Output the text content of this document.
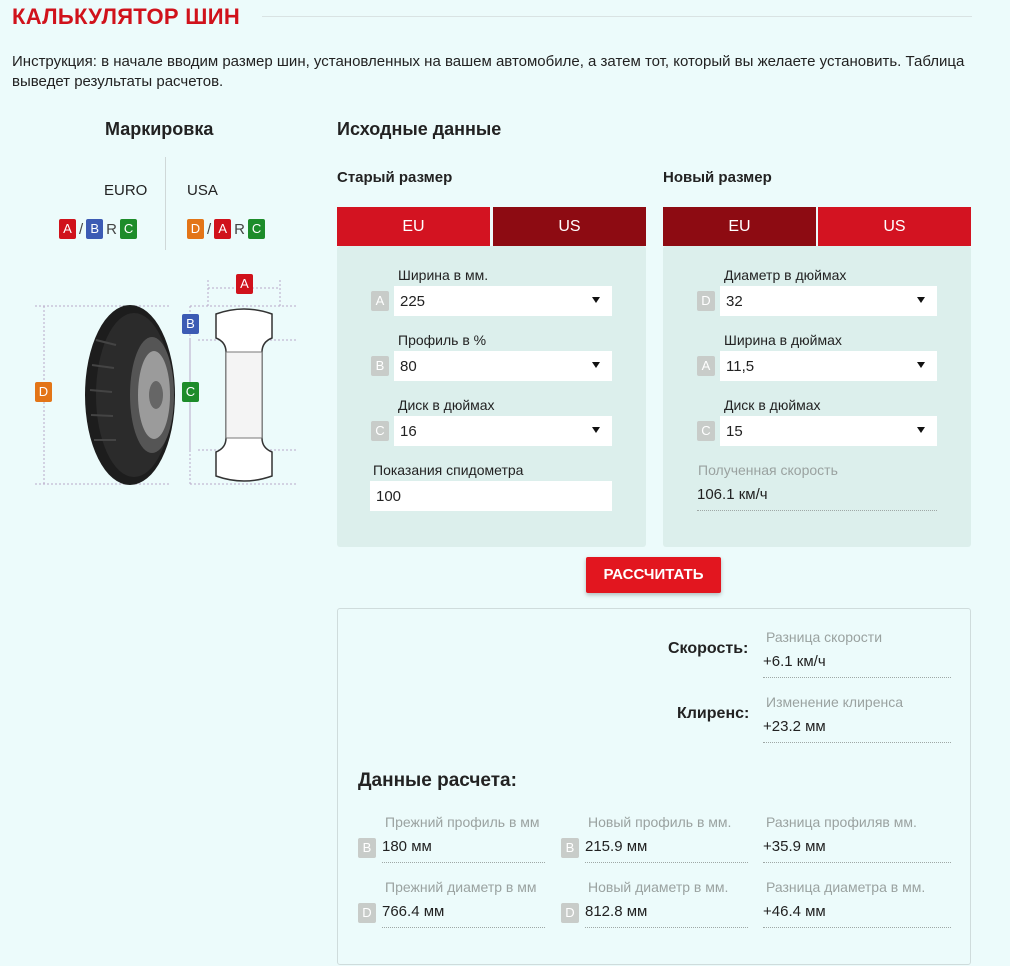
КАЛЬКУЛЯТОР ШИН
Инструкция: в начале вводим размер шин, установленных на вашем автомобиле, а затем тот, который вы желаете установить. Таблица выведет результаты расчетов.
Маркировка
EURO	USA
A / B R C	D / A R C
A
B
C
D
Исходные данные
Старый размер	Новый размер
EU	US
Ширина в мм.
A	225
Профиль в %
B	80
Диск в дюймах
C	16
Показания спидометра
100
EU	US
Диаметр в дюймах
D	32
Ширина в дюймах
A	11,5
Диск в дюймах
C	15
Полученная скорость
106.1 км/ч
РАССЧИТАТЬ
Скорость:
Разница скорости
+6.1 км/ч
Клиренс:
Изменение клиренса
+23.2 мм
Данные расчета:
Прежний профиль в мм
B 180 мм
Новый профиль в мм.
B 215.9 мм
Разница профиляв мм.
+35.9 мм
Прежний диаметр в мм
D 766.4 мм
Новый диаметр в мм.
D 812.8 мм
Разница диаметра в мм.
+46.4 мм
